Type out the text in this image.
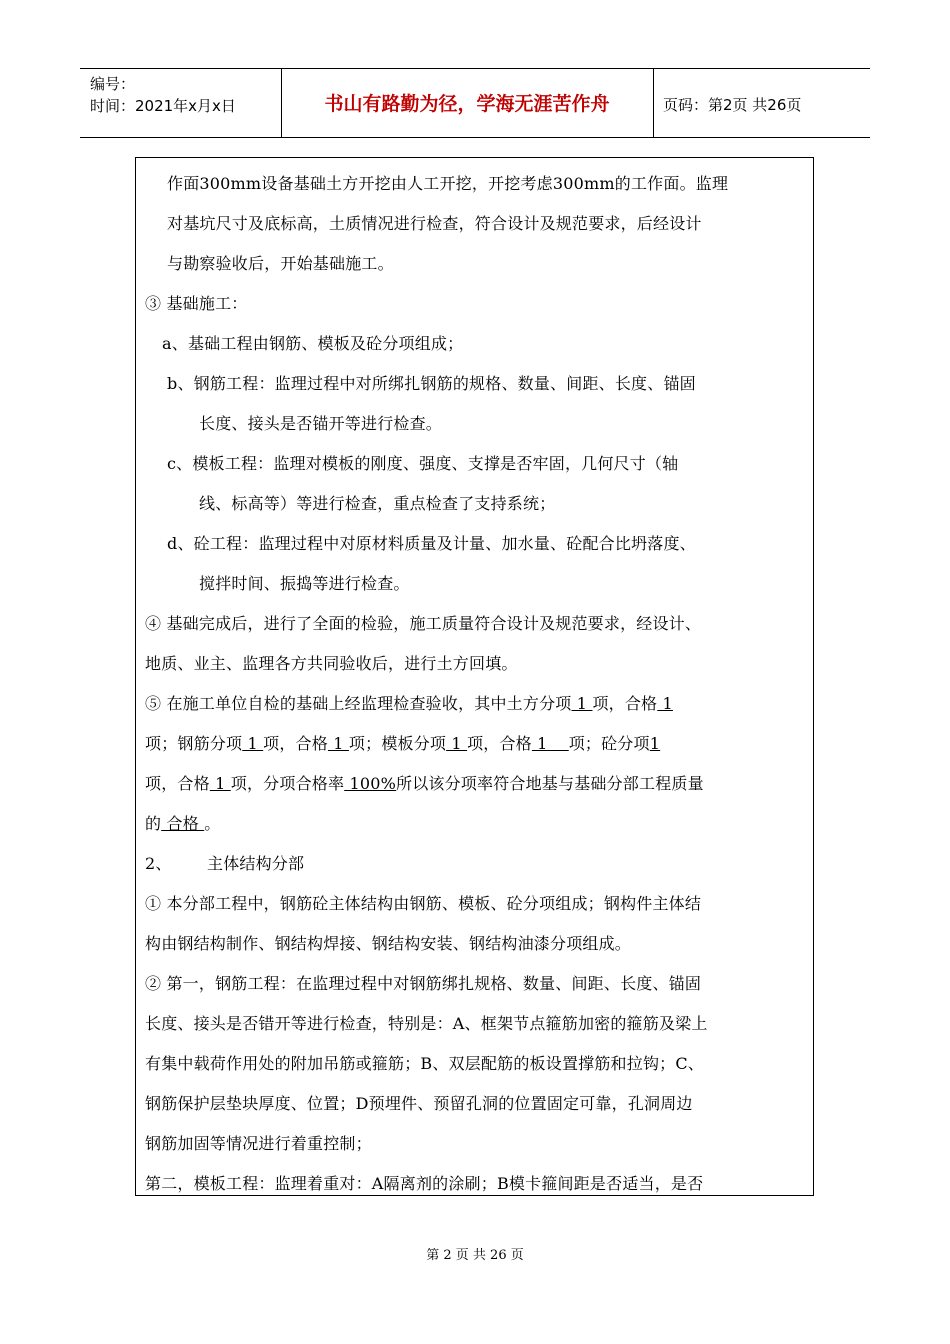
编号：
时间：2021年x月x日	书山有路勤为径，学海无涯苦作舟	页码：第2页 共26页
作面300mm设备基础土方开挖由人工开挖，开挖考虑300mm的工作面。监理
对基坑尺寸及底标高，土质情况进行检查，符合设计及规范要求，后经设计
与勘察验收后，开始基础施工。
③ 基础施工：
a、基础工程由钢筋、模板及砼分项组成；
b、钢筋工程：监理过程中对所绑扎钢筋的规格、数量、间距、长度、锚固
长度、接头是否锚开等进行检查。
c、模板工程：监理对模板的刚度、强度、支撑是否牢固，几何尺寸（轴
线、标高等）等进行检查，重点检查了支持系统；
d、砼工程：监理过程中对原材料质量及计量、加水量、砼配合比坍落度、
搅拌时间、振捣等进行检查。
④ 基础完成后，进行了全面的检验，施工质量符合设计及规范要求，经设计、
地质、业主、监理各方共同验收后，进行土方回填。
⑤ 在施工单位自检的基础上经监理检查验收，其中土方分项 1 项，合格 1
项；钢筋分项 1 项，合格 1 项；模板分项 1 项，合格 1    项；砼分项1
项，合格 1 项，分项合格率 100%所以该分项率符合地基与基础分部工程质量
的 合格 。
2、 主体结构分部
① 本分部工程中，钢筋砼主体结构由钢筋、模板、砼分项组成；钢构件主体结
构由钢结构制作、钢结构焊接、钢结构安装、钢结构油漆分项组成。
② 第一，钢筋工程：在监理过程中对钢筋绑扎规格、数量、间距、长度、锚固
长度、接头是否错开等进行检查，特别是：A、框架节点箍筋加密的箍筋及梁上
有集中载荷作用处的附加吊筋或箍筋；B、双层配筋的板设置撑筋和拉钩；C、
钢筋保护层垫块厚度、位置；D预埋件、预留孔洞的位置固定可靠，孔洞周边
钢筋加固等情况进行着重控制；
第二，模板工程：监理着重对：A隔离剂的涂刷；B模卡箍间距是否适当，是否
第 2 页 共 26 页
